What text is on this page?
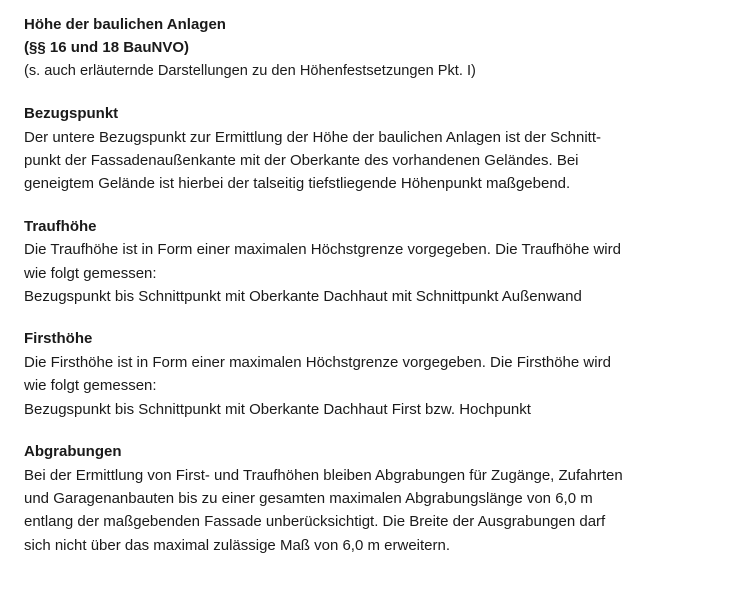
Höhe der baulichen Anlagen
(§§ 16 und 18 BauNVO)
(s. auch erläuternde Darstellungen zu den Höhenfestsetzungen Pkt. I)
Bezugspunkt
Der untere Bezugspunkt zur Ermittlung der Höhe der baulichen Anlagen ist der Schnitt-
punkt der Fassadenaußenkante mit der Oberkante des vorhandenen Geländes. Bei
geneigtem Gelände ist hierbei der talseitig tiefstliegende Höhenpunkt maßgebend.
Traufhöhe
Die Traufhöhe ist in Form einer maximalen Höchstgrenze vorgegeben. Die Traufhöhe wird
wie folgt gemessen:
Bezugspunkt bis Schnittpunkt mit Oberkante Dachhaut mit Schnittpunkt Außenwand
Firsthöhe
Die Firsthöhe ist in Form einer maximalen Höchstgrenze vorgegeben. Die Firsthöhe wird
wie folgt gemessen:
Bezugspunkt bis Schnittpunkt mit Oberkante Dachhaut First bzw. Hochpunkt
Abgrabungen
Bei der Ermittlung von First- und Traufhöhen bleiben Abgrabungen für Zugänge, Zufahrten
und Garagenanbauten bis zu einer gesamten maximalen Abgrabungslänge von 6,0 m
entlang der maßgebenden Fassade unberücksichtigt. Die Breite der Ausgrabungen darf
sich nicht über das maximal zulässige Maß von 6,0 m erweitern.
